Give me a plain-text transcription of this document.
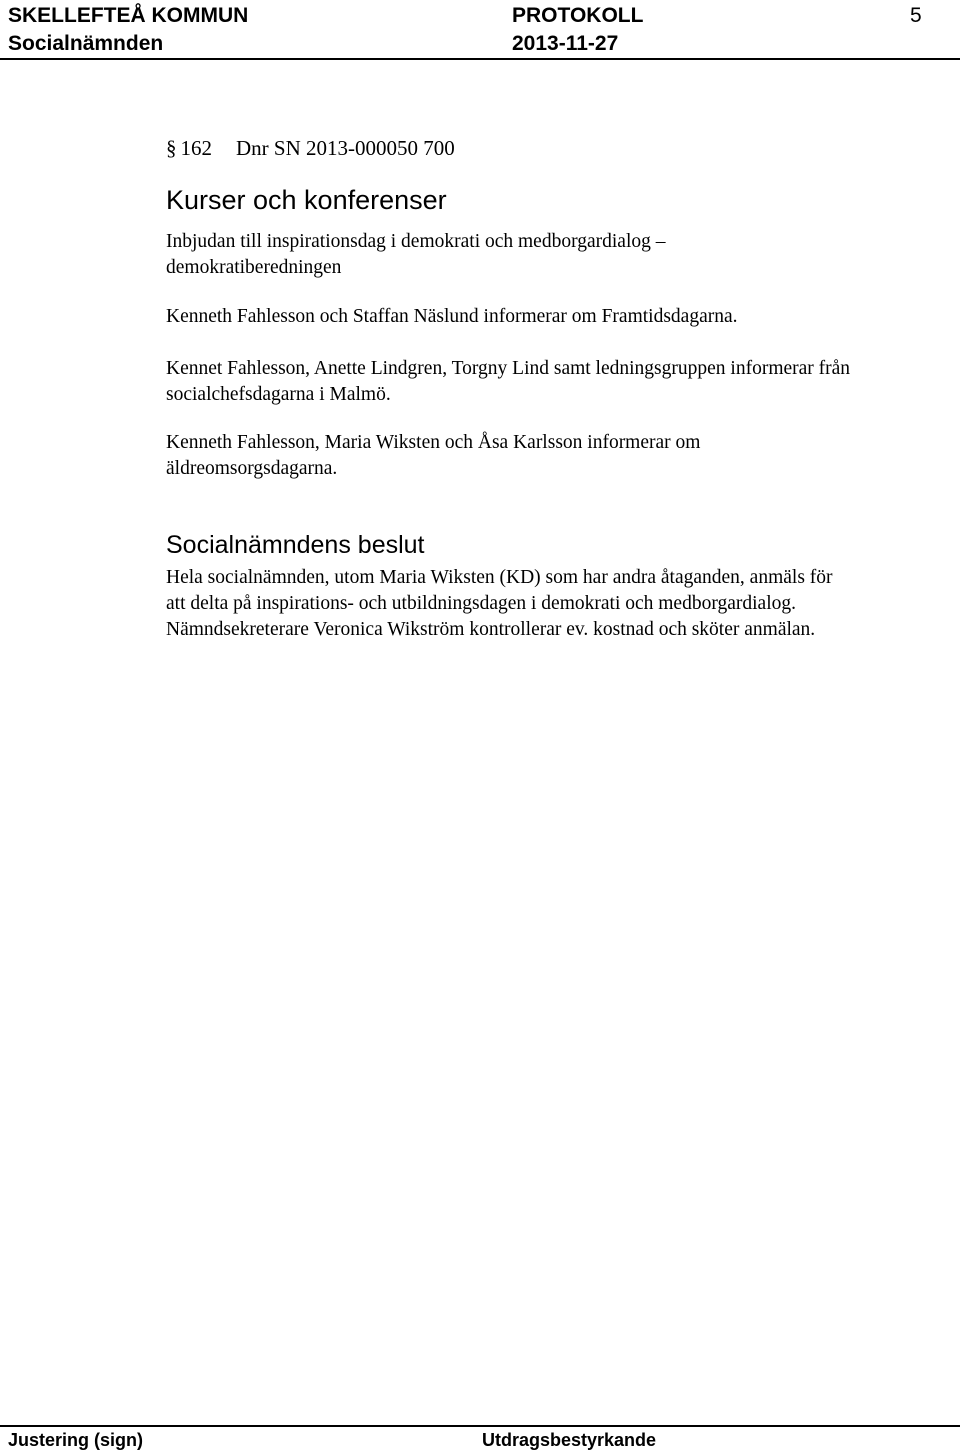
SKELLEFTEÅ KOMMUN
Socialnämnden
PROTOKOLL
2013-11-27
5
§ 162 Dnr SN 2013-000050 700
Kurser och konferenser
Inbjudan till inspirationsdag i demokrati och medborgardialog – demokratiberedningen
Kenneth Fahlesson och Staffan Näslund informerar om Framtidsdagarna.
Kennet Fahlesson, Anette Lindgren, Torgny Lind samt ledningsgruppen informerar från socialchefsdagarna i Malmö.
Kenneth Fahlesson, Maria Wiksten och Åsa Karlsson informerar om äldreomsorgsdagarna.
Socialnämndens beslut
Hela socialnämnden, utom Maria Wiksten (KD) som har andra åtaganden, anmäls för att delta på inspirations- och utbildningsdagen i demokrati och medborgardialog. Nämndsekreterare Veronica Wikström kontrollerar ev. kostnad och sköter anmälan.
Justering (sign)	Utdragsbestyrkande
